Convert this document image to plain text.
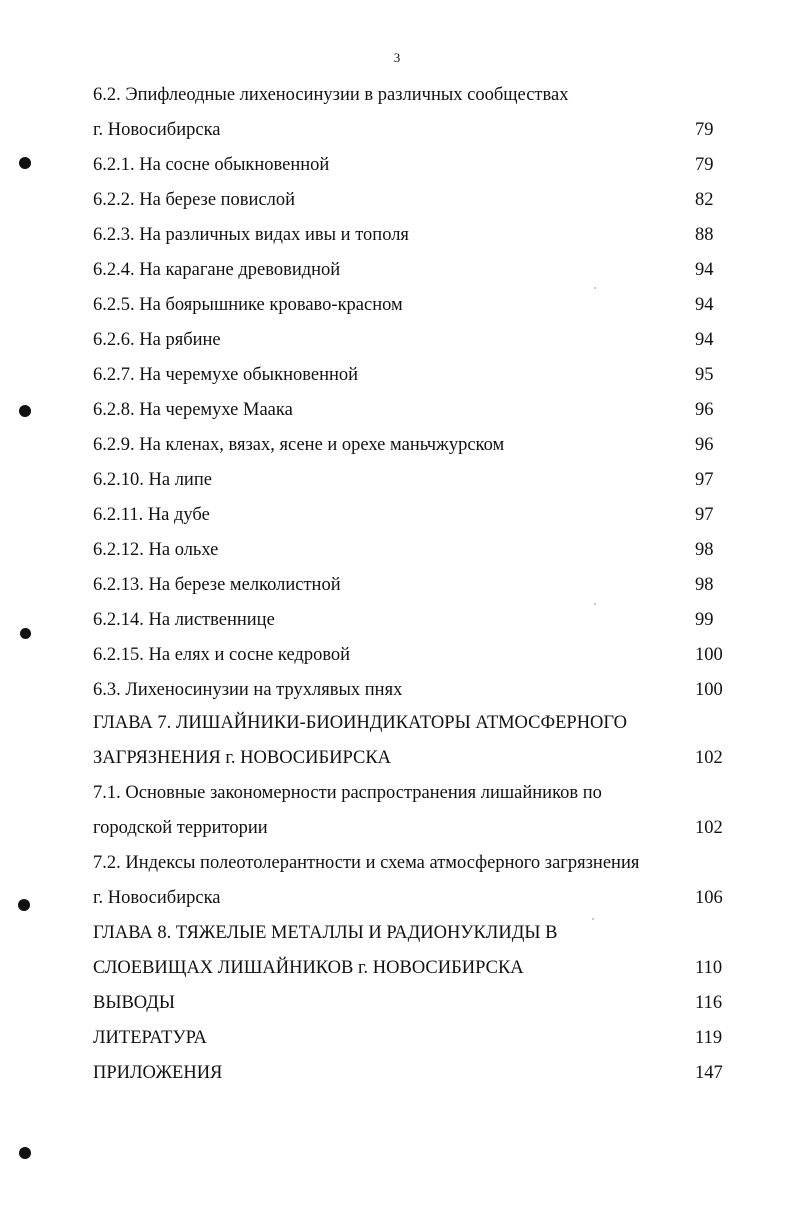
3
6.2. Эпифлеодные лихеносинузии в различных сообществах
г. Новосибирска	79
6.2.1. На сосне обыкновенной	79
6.2.2. На березе повислой	82
6.2.3. На различных видах ивы и тополя	88
6.2.4. На карагане древовидной	94
6.2.5. На боярышнике кроваво-красном	94
6.2.6. На рябине	94
6.2.7. На черемухе обыкновенной	95
6.2.8. На черемухе Маака	96
6.2.9. На кленах, вязах, ясене и орехе маньчжурском	96
6.2.10. На липе	97
6.2.11. На дубе	97
6.2.12. На ольхе	98
6.2.13. На березе мелколистной	98
6.2.14. На лиственнице	99
6.2.15. На елях и сосне кедровой	100
6.3. Лихеносинузии на трухлявых пнях	100
ГЛАВА 7. ЛИШАЙНИКИ-БИОИНДИКАТОРЫ АТМОСФЕРНОГО
ЗАГРЯЗНЕНИЯ г. НОВОСИБИРСКА	102
7.1. Основные закономерности распространения лишайников по
городской территории	102
7.2. Индексы полеотолерантности и схема атмосферного загрязнения
г. Новосибирска	106
ГЛАВА 8. ТЯЖЕЛЫЕ МЕТАЛЛЫ И РАДИОНУКЛИДЫ В
СЛОЕВИЩАХ ЛИШАЙНИКОВ г. НОВОСИБИРСКА	110
ВЫВОДЫ	116
ЛИТЕРАТУРА	119
ПРИЛОЖЕНИЯ	147
